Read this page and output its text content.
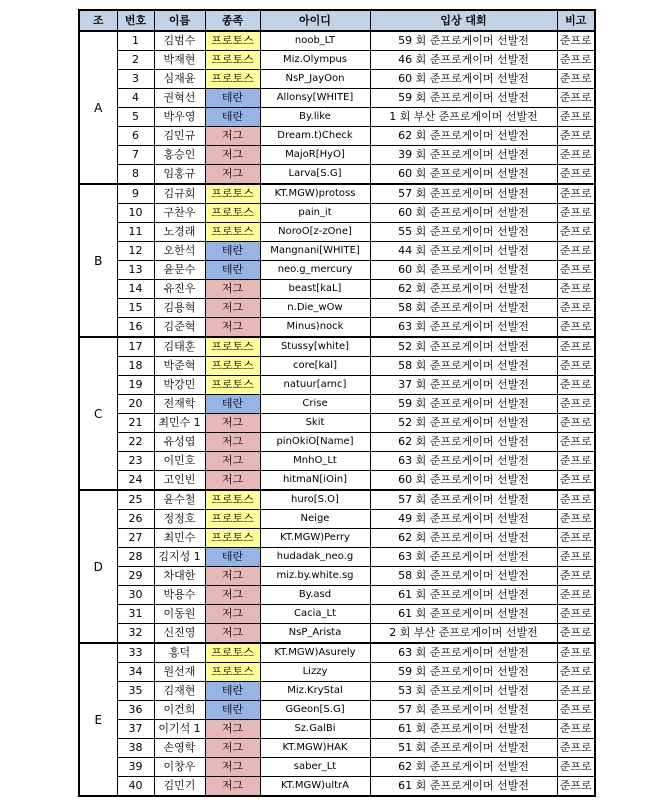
조	번호	이름	종족	아이디	입상 대회	비고
A	1	김범수	프로토스	noob_LT	59 회 준프로게이머 선발전	준프로
	2	박재현	프로토스	Miz.Olympus	46 회 준프로게이머 선발전	준프로
	3	심재윤	프로토스	NsP_JayOon	60 회 준프로게이머 선발전	준프로
	4	권혁선	테란	Allonsy[WHITE]	59 회 준프로게이머 선발전	준프로
	5	박우영	테란	By.like	1 회 부산 준프로게이머 선발전	준프로
	6	김민규	저그	Dream.t)Check	62 회 준프로게이머 선발전	준프로
	7	홍승인	저그	MajoR[HyO]	39 회 준프로게이머 선발전	준프로
	8	임홍규	저그	Larva[S.G]	60 회 준프로게이머 선발전	준프로
B	9	김규회	프로토스	KT.MGW)protoss	57 회 준프로게이머 선발전	준프로
	10	구찬우	프로토스	pain_it	60 회 준프로게이머 선발전	준프로
	11	노경래	프로토스	NoroO[z-zOne]	55 회 준프로게이머 선발전	준프로
	12	오한석	테란	Mangnani[WHITE]	44 회 준프로게이머 선발전	준프로
	13	윤문수	테란	neo.g_mercury	60 회 준프로게이머 선발전	준프로
	14	유진우	저그	beast[kaL]	62 회 준프로게이머 선발전	준프로
	15	김용혁	저그	n.Die_wOw	58 회 준프로게이머 선발전	준프로
	16	김준혁	저그	Minus)nock	63 회 준프로게이머 선발전	준프로
C	17	김태훈	프로토스	Stussy[white]	52 회 준프로게이머 선발전	준프로
	18	박준혁	프로토스	core[kal]	58 회 준프로게이머 선발전	준프로
	19	박강민	프로토스	natuur[arnc]	37 회 준프로게이머 선발전	준프로
	20	전재학	테란	Crise	59 회 준프로게이머 선발전	준프로
	21	최민수 1	저그	Skit	52 회 준프로게이머 선발전	준프로
	22	유성엽	저그	pinOkiO[Name]	62 회 준프로게이머 선발전	준프로
	23	이민호	저그	MnhO_Lt	63 회 준프로게이머 선발전	준프로
	24	고인빈	저그	hitmaN[iOin]	60 회 준프로게이머 선발전	준프로
D	25	윤수철	프로토스	huro[S.O]	57 회 준프로게이머 선발전	준프로
	26	정정호	프로토스	Neige	49 회 준프로게이머 선발전	준프로
	27	최민수	프로토스	KT.MGW)Perry	62 회 준프로게이머 선발전	준프로
	28	김지성 1	테란	hudadak_neo.g	63 회 준프로게이머 선발전	준프로
	29	차대한	저그	miz.by.white.sg	58 회 준프로게이머 선발전	준프로
	30	박용수	저그	By.asd	61 회 준프로게이머 선발전	준프로
	31	이동원	저그	Cacia_Lt	61 회 준프로게이머 선발전	준프로
	32	신진영	저그	NsP_Arista	2 회 부산 준프로게이머 선발전	준프로
E	33	홍덕	프로토스	KT.MGW)Asurely	63 회 준프로게이머 선발전	준프로
	34	원선재	프로토스	Lizzy	59 회 준프로게이머 선발전	준프로
	35	김재현	테란	Miz.KryStal	53 회 준프로게이머 선발전	준프로
	36	이건희	테란	GGeon[S.G]	57 회 준프로게이머 선발전	준프로
	37	이기석 1	저그	Sz.GalBi	61 회 준프로게이머 선발전	준프로
	38	손영학	저그	KT.MGW)HAK	51 회 준프로게이머 선발전	준프로
	39	이창우	저그	saber_Lt	62 회 준프로게이머 선발전	준프로
	40	김민기	저그	KT.MGW)ultrA	61 회 준프로게이머 선발전	준프로
